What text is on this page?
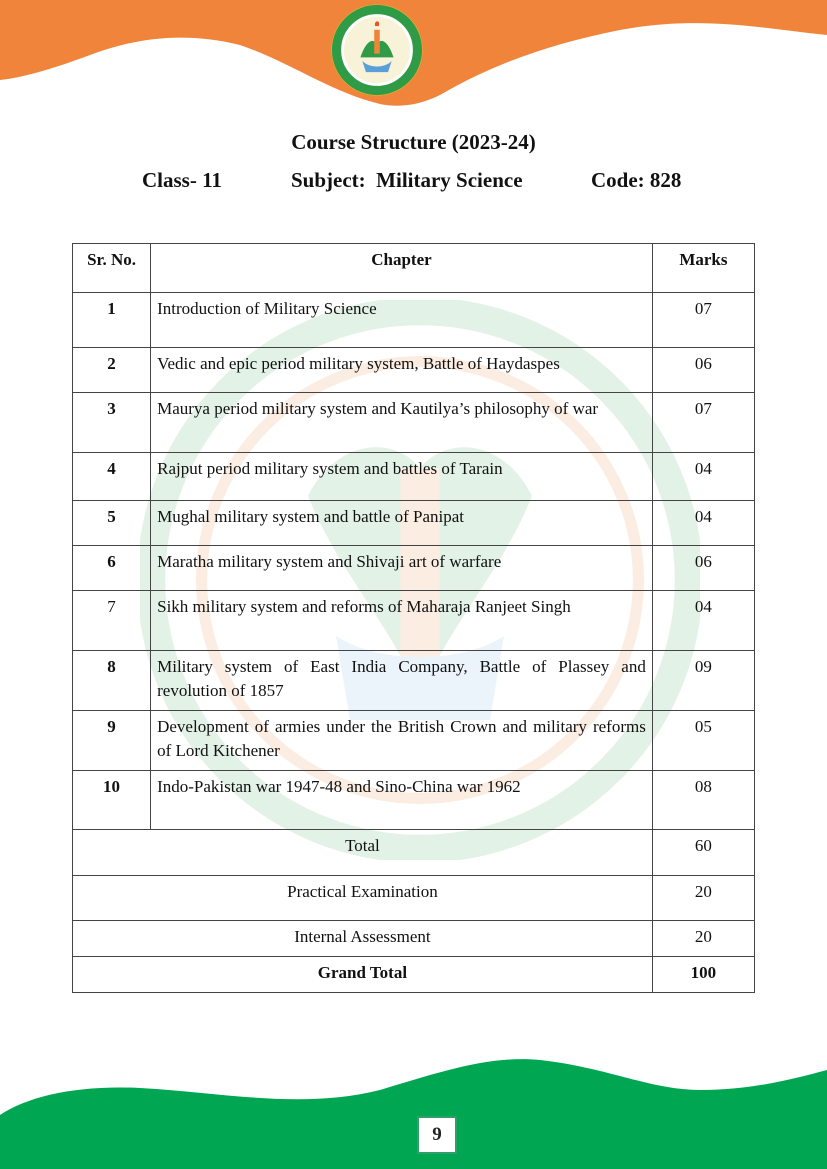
Course Structure (2023-24)
Class- 11	Subject:  Military Science	Code: 828
Sr. No.	Chapter	Marks
1	Introduction of Military Science	07
2	Vedic and epic period military system, Battle of Haydaspes	06
3	Maurya period military system and Kautilya’s philosophy of war	07
4	Rajput period military system and battles of Tarain	04
5	Mughal military system and battle of Panipat	04
6	Maratha military system and Shivaji art of warfare	06
7	Sikh military system and reforms of Maharaja Ranjeet Singh	04
8	Military system of East India Company, Battle of Plassey and revolution of 1857	09
9	Development of armies under the British Crown and military reforms of Lord Kitchener	05
10	Indo-Pakistan war 1947-48 and Sino-China war 1962	08
Total		60
Practical Examination		20
Internal Assessment		20
Grand Total		100
9
